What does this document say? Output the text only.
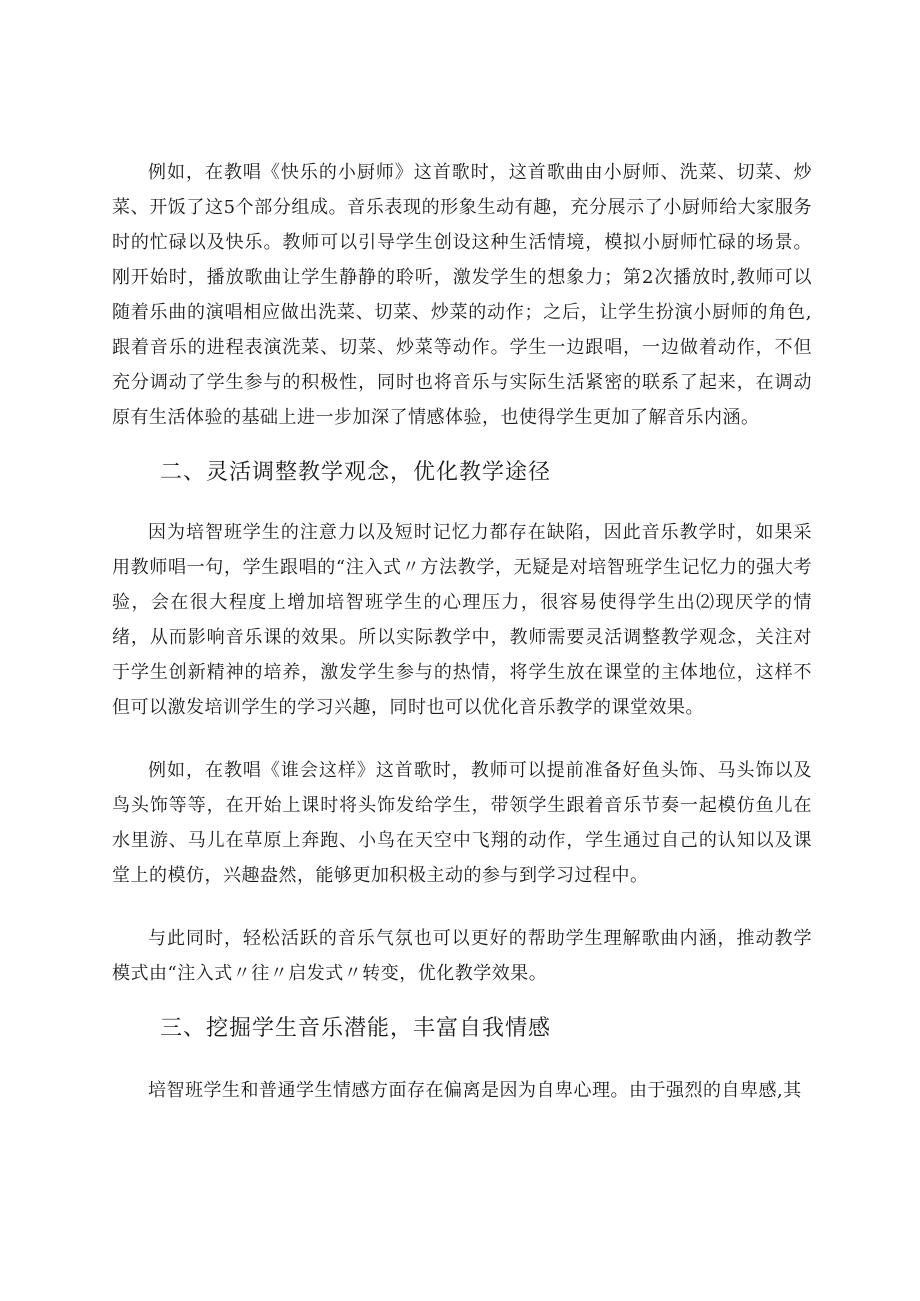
例如，在教唱《快乐的小厨师》这首歌时，这首歌曲由小厨师、洗菜、切菜、炒菜、开饭了这5个部分组成。音乐表现的形象生动有趣，充分展示了小厨师给大家服务时的忙碌以及快乐。教师可以引导学生创设这种生活情境，模拟小厨师忙碌的场景。刚开始时，播放歌曲让学生静静的聆听，激发学生的想象力；第2次播放时,教师可以随着乐曲的演唱相应做出洗菜、切菜、炒菜的动作；之后，让学生扮演小厨师的角色,跟着音乐的进程表演洗菜、切菜、炒菜等动作。学生一边跟唱，一边做着动作，不但充分调动了学生参与的积极性，同时也将音乐与实际生活紧密的联系了起来，在调动原有生活体验的基础上进一步加深了情感体验，也使得学生更加了解音乐内涵。

二、灵活调整教学观念，优化教学途径

因为培智班学生的注意力以及短时记忆力都存在缺陷，因此音乐教学时，如果采用教师唱一句，学生跟唱的“注入式〃方法教学，无疑是对培智班学生记忆力的强大考验，会在很大程度上增加培智班学生的心理压力，很容易使得学生出⑵现厌学的情绪，从而影响音乐课的效果。所以实际教学中，教师需要灵活调整教学观念，关注对于学生创新精神的培养，激发学生参与的热情，将学生放在课堂的主体地位，这样不但可以激发培训学生的学习兴趣，同时也可以优化音乐教学的课堂效果。

例如，在教唱《谁会这样》这首歌时，教师可以提前准备好鱼头饰、马头饰以及鸟头饰等等，在开始上课时将头饰发给学生，带领学生跟着音乐节奏一起模仿鱼儿在水里游、马儿在草原上奔跑、小鸟在天空中飞翔的动作，学生通过自己的认知以及课堂上的模仿，兴趣盎然，能够更加积极主动的参与到学习过程中。

与此同时，轻松活跃的音乐气氛也可以更好的帮助学生理解歌曲内涵，推动教学模式由“注入式〃往〃启发式〃转变，优化教学效果。

三、挖掘学生音乐潜能，丰富自我情感

培智班学生和普通学生情感方面存在偏离是因为自卑心理。由于强烈的自卑感,其
